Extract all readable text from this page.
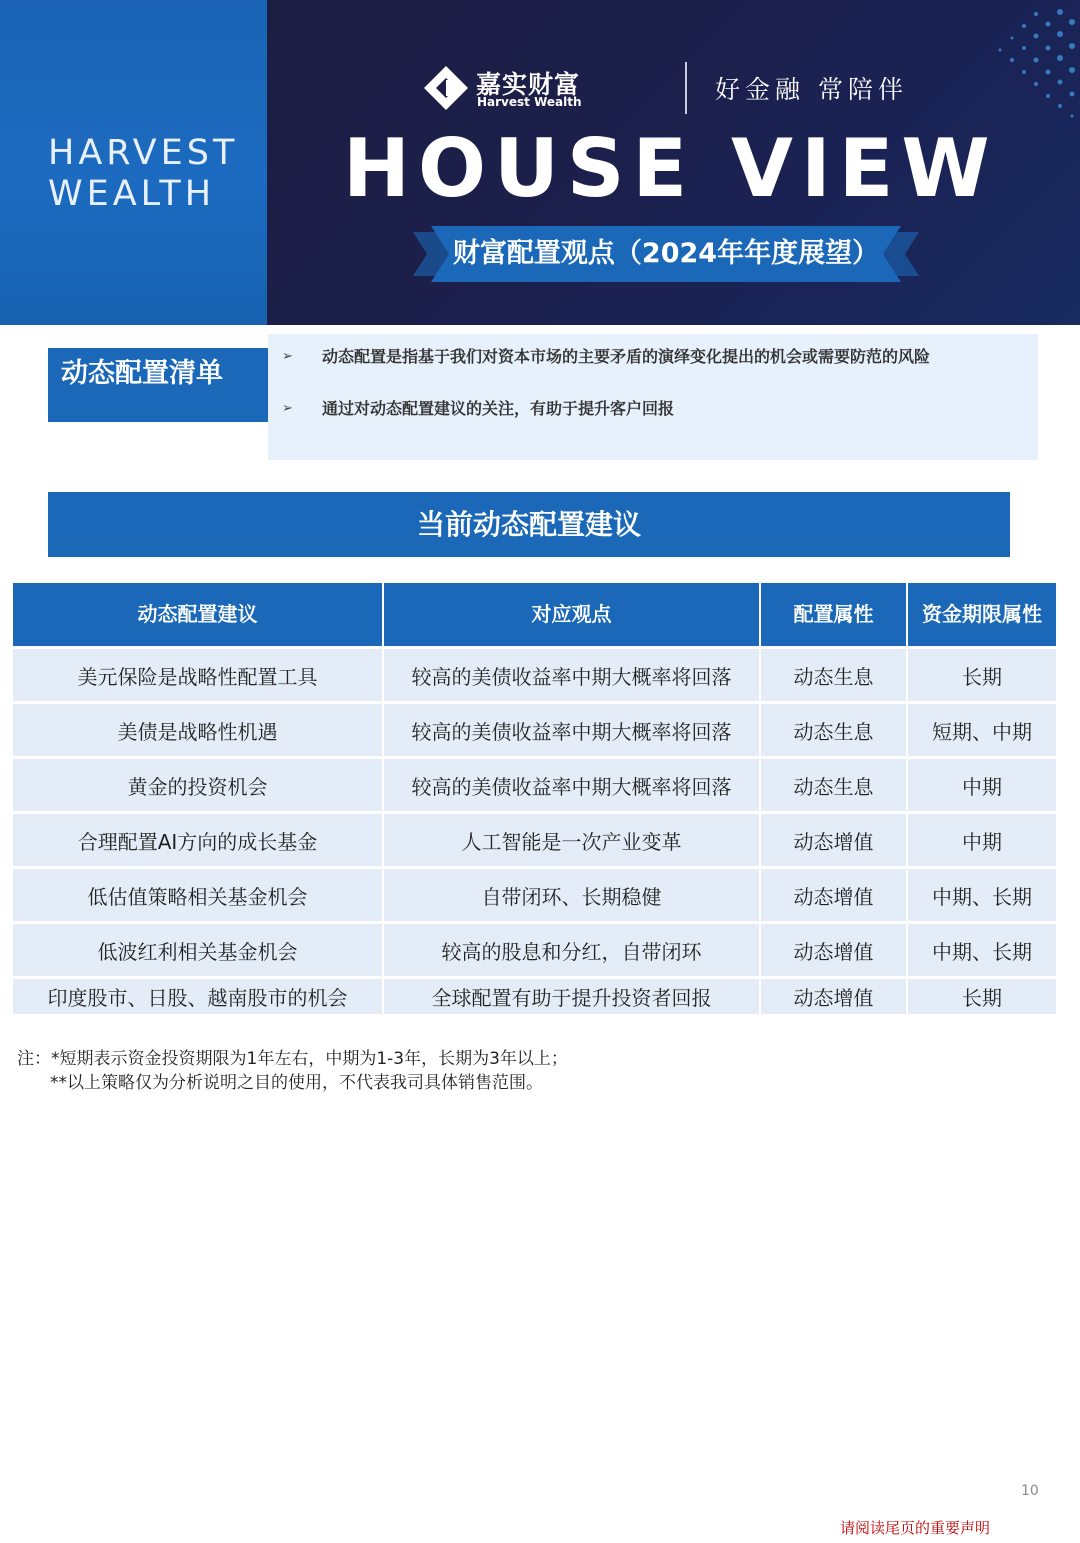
HARVEST
WEALTH
嘉实财富
Harvest Wealth	好金融 常陪伴
HOUSE VIEW
财富配置观点（2024年年度展望）
动态配置清单
➢ 动态配置是指基于我们对资本市场的主要矛盾的演绎变化提出的机会或需要防范的风险
➢ 通过对动态配置建议的关注，有助于提升客户回报
当前动态配置建议
动态配置建议	对应观点	配置属性	资金期限属性
美元保险是战略性配置工具	较高的美债收益率中期大概率将回落	动态生息	长期
美债是战略性机遇	较高的美债收益率中期大概率将回落	动态生息	短期、中期
黄金的投资机会	较高的美债收益率中期大概率将回落	动态生息	中期
合理配置AI方向的成长基金	人工智能是一次产业变革	动态增值	中期
低估值策略相关基金机会	自带闭环、长期稳健	动态增值	中期、长期
低波红利相关基金机会	较高的股息和分红，自带闭环	动态增值	中期、长期
印度股市、日股、越南股市的机会	全球配置有助于提升投资者回报	动态增值	长期
注：*短期表示资金投资期限为1年左右，中期为1-3年，长期为3年以上；
**以上策略仅为分析说明之目的使用，不代表我司具体销售范围。
10
请阅读尾页的重要声明
